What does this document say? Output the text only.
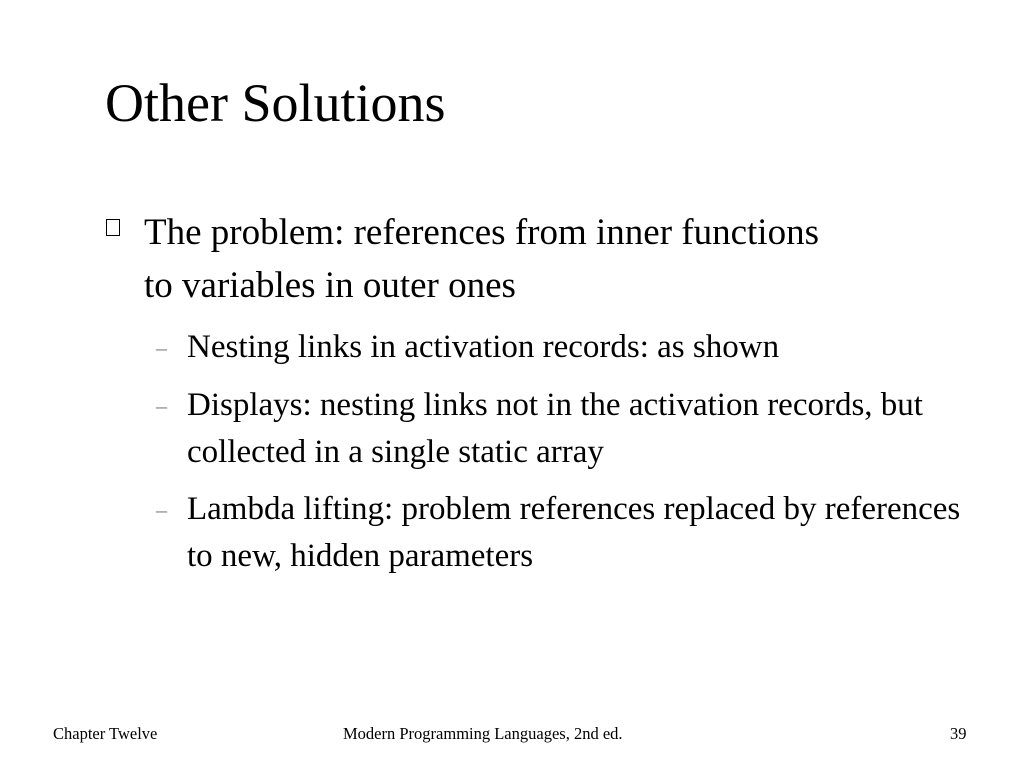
Other Solutions
The problem: references from inner functions to variables in outer ones
– Nesting links in activation records: as shown
– Displays: nesting links not in the activation records, but collected in a single static array
– Lambda lifting: problem references replaced by references to new, hidden parameters
Chapter Twelve	Modern Programming Languages, 2nd ed.	39
